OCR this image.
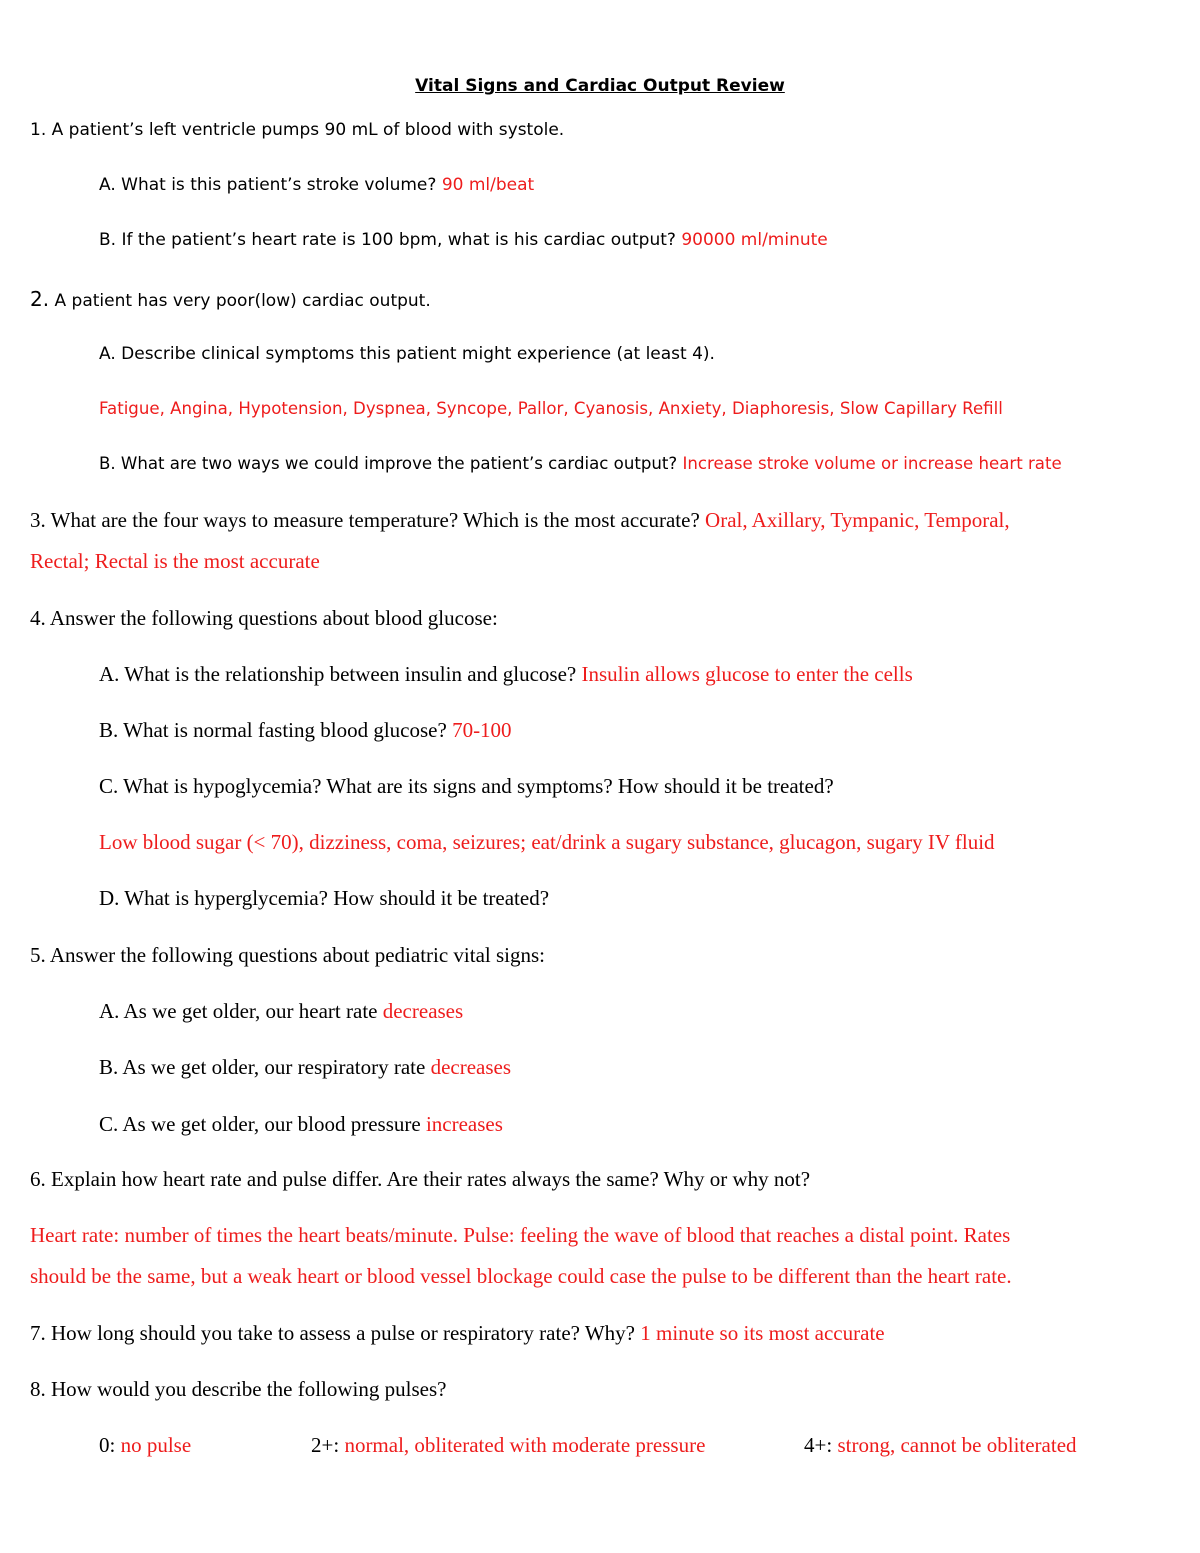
Vital Signs and Cardiac Output Review
1. A patient’s left ventricle pumps 90 mL of blood with systole.
A. What is this patient’s stroke volume? 90 ml/beat
B. If the patient’s heart rate is 100 bpm, what is his cardiac output? 90000 ml/minute
2. A patient has very poor(low) cardiac output.
A. Describe clinical symptoms this patient might experience (at least 4).
Fatigue, Angina, Hypotension, Dyspnea, Syncope, Pallor, Cyanosis, Anxiety, Diaphoresis, Slow Capillary Refill
B. What are two ways we could improve the patient’s cardiac output? Increase stroke volume or increase heart rate
3. What are the four ways to measure temperature? Which is the most accurate? Oral, Axillary, Tympanic, Temporal,
Rectal; Rectal is the most accurate
4. Answer the following questions about blood glucose:
A. What is the relationship between insulin and glucose? Insulin allows glucose to enter the cells
B. What is normal fasting blood glucose? 70-100
C. What is hypoglycemia? What are its signs and symptoms? How should it be treated?
Low blood sugar (< 70), dizziness, coma, seizures; eat/drink a sugary substance, glucagon, sugary IV fluid
D. What is hyperglycemia? How should it be treated?
5. Answer the following questions about pediatric vital signs:
A. As we get older, our heart rate decreases
B. As we get older, our respiratory rate decreases
C. As we get older, our blood pressure increases
6. Explain how heart rate and pulse differ. Are their rates always the same? Why or why not?
Heart rate: number of times the heart beats/minute. Pulse: feeling the wave of blood that reaches a distal point. Rates
should be the same, but a weak heart or blood vessel blockage could case the pulse to be different than the heart rate.
7. How long should you take to assess a pulse or respiratory rate? Why? 1 minute so its most accurate
8. How would you describe the following pulses?
0: no pulse	2+: normal, obliterated with moderate pressure	4+: strong, cannot be obliterated
